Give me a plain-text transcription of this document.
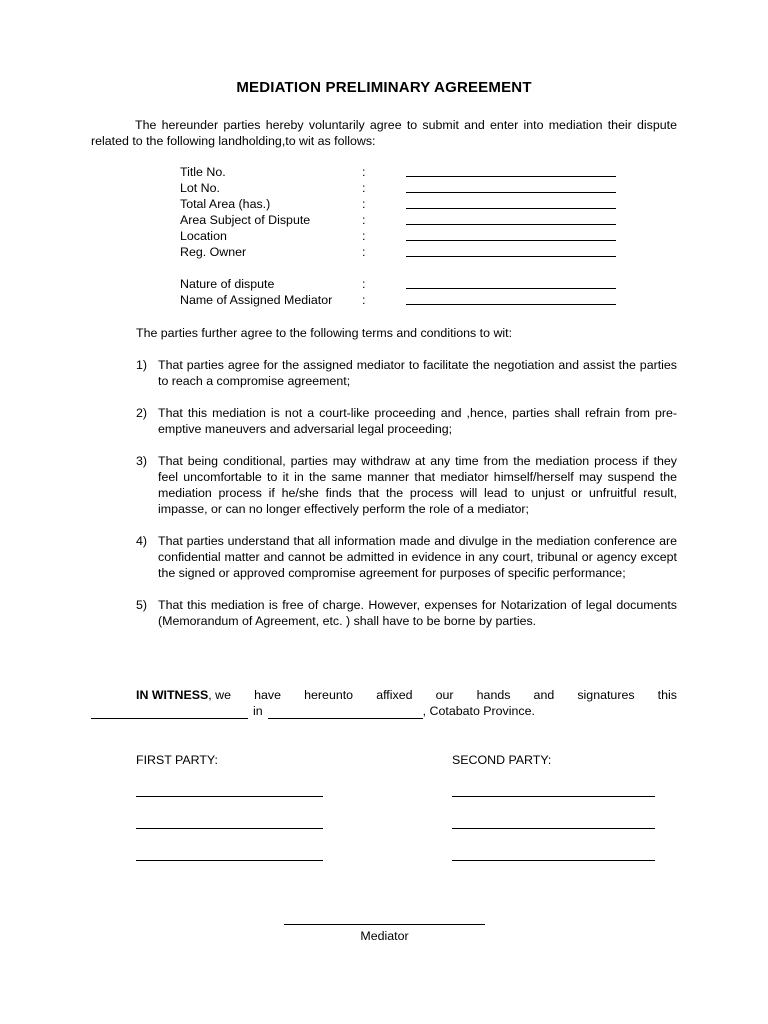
MEDIATION PRELIMINARY AGREEMENT
The hereunder parties hereby voluntarily agree to submit and enter into mediation their dispute related to the following landholding,to wit as follows:
Title No.	:
Lot No.	:
Total Area (has.)	:
Area Subject of Dispute	:
Location	:
Reg. Owner	:
Nature of dispute	:
Name of Assigned Mediator	:
The parties further agree to the following terms and conditions to wit:
1) That parties agree for the assigned mediator to facilitate the negotiation and assist the parties to reach a compromise agreement;
2) That this mediation is not a court-like proceeding and ,hence, parties shall refrain from pre-emptive maneuvers and adversarial legal proceeding;
3) That being conditional, parties may withdraw at any time from the mediation process if they feel uncomfortable to it in the same manner that mediator himself/herself may suspend the mediation process if he/she finds that the process will lead to unjust or unfruitful result, impasse, or can no longer effectively perform the role of a mediator;
4) That parties understand that all information made and divulge in the mediation conference are confidential matter and cannot be admitted in evidence in any court, tribunal or agency except the signed or approved compromise agreement for purposes of specific performance;
5) That this mediation is free of charge. However, expenses for Notarization of legal documents (Memorandum of Agreement, etc. ) shall have to be borne by parties.
IN WITNESS, we have hereunto affixed our hands and signatures this
in	, Cotabato Province.
FIRST PARTY:	SECOND PARTY:
Mediator
